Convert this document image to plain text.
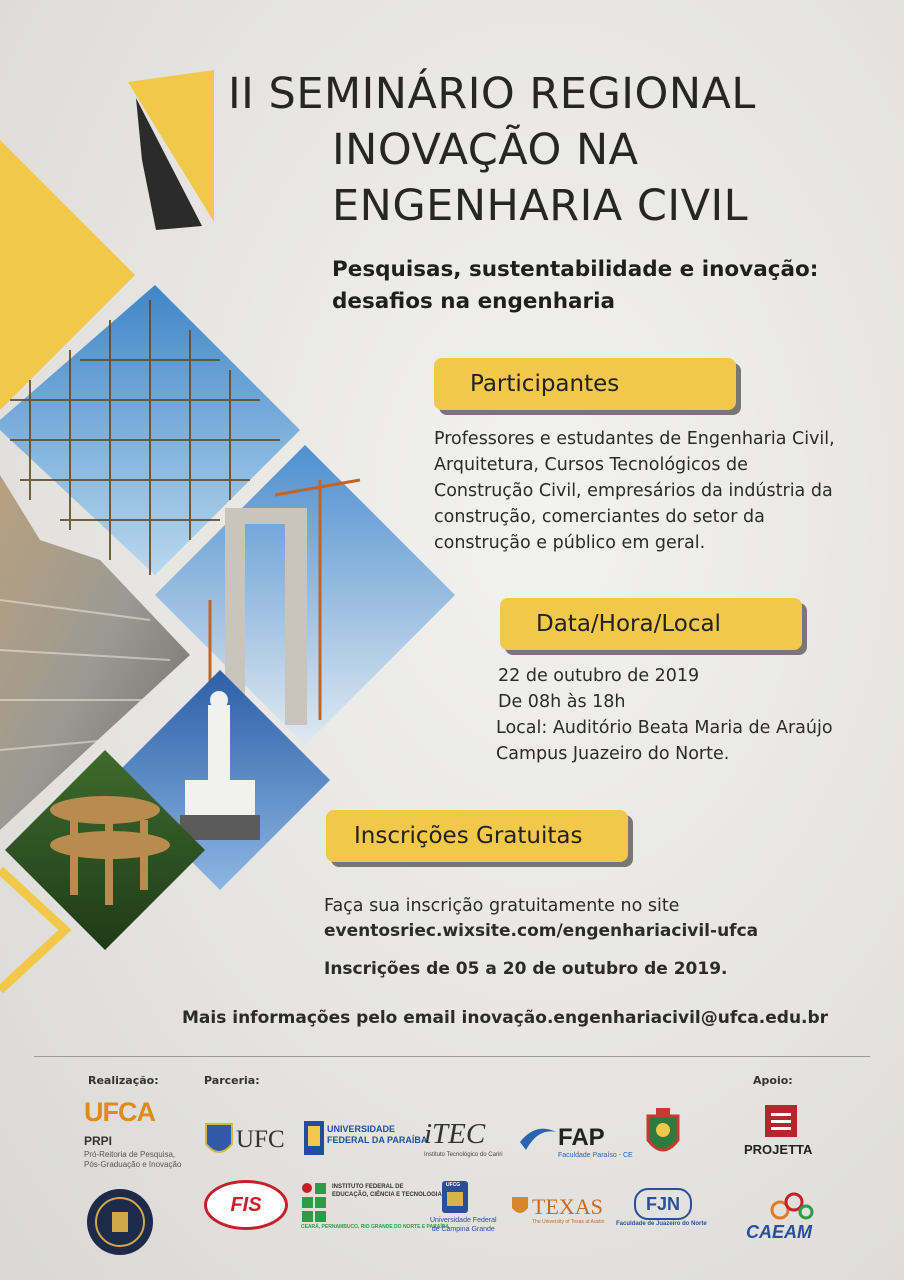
II SEMINÁRIO REGIONAL
INOVAÇÃO NA
ENGENHARIA CIVIL
Pesquisas, sustentabilidade e inovação:
desafios na engenharia
Participantes
Professores e estudantes de Engenharia Civil,
Arquitetura, Cursos Tecnológicos de
Construção Civil, empresários da indústria da
construção, comerciantes do setor da
construção e público em geral.
Data/Hora/Local
22 de outubro de 2019
De 08h às 18h
Local: Auditório Beata Maria de Araújo
Campus Juazeiro do Norte.
Inscrições Gratuitas
Faça sua inscrição gratuitamente no site
eventosriec.wixsite.com/engenhariacivil-ufca
Inscrições de 05 a 20 de outubro de 2019.
Mais informações pelo email inovação.engenhariacivil@ufca.edu.br
Realização:	Parceria:	Apoio:
UFCA
PRPI
Pró-Reitoria de Pesquisa,
Pós-Graduação e Inovação
UFC	UNIVERSIDADE
FEDERAL DA PARAÍBA
iTEC
Instituto Tecnológico do Cariri
FAP
Faculdade Paraíso - CE	PROJETTA
FIS
INSTITUTO FEDERAL DE
EDUCAÇÃO, CIÊNCIA E TECNOLOGIA
CEARÁ, PERNAMBUCO, RIO GRANDE DO NORTE E PARAÍBA
UFCG
Universidade Federal
de Campina Grande
TEXAS
The University of Texas at Austin
FJN
Faculdade de Juazeiro do Norte CAEAM
